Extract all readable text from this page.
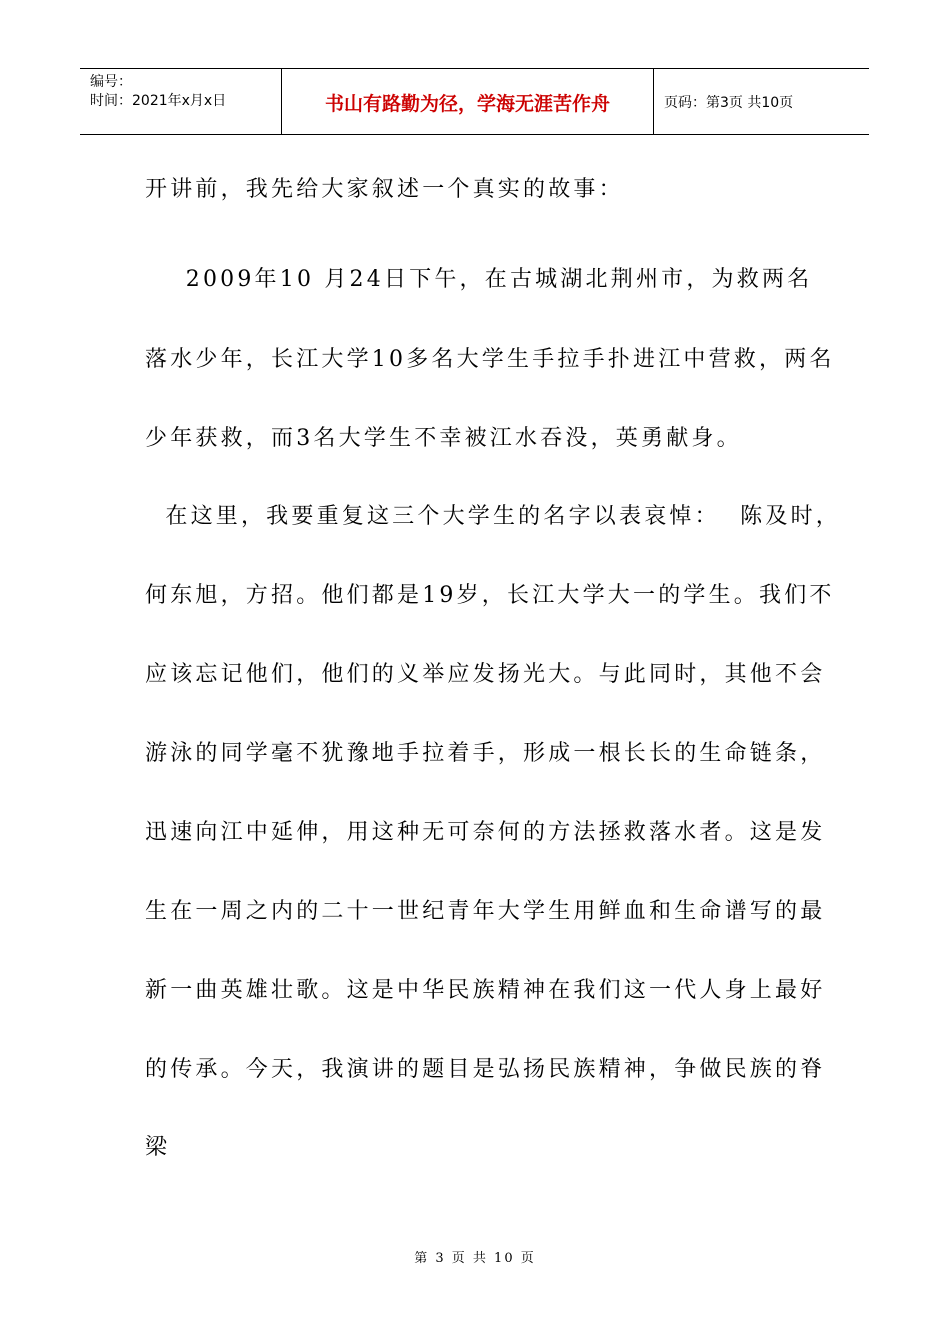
编号：
时间：2021年x月x日	书山有路勤为径，学海无涯苦作舟	页码：第3页 共10页
开讲前，我先给大家叙述一个真实的故事：
2009年10 月24日下午，在古城湖北荆州市，为救两名
落水少年，长江大学10多名大学生手拉手扑进江中营救，两名
少年获救，而3名大学生不幸被江水吞没，英勇献身。
在这里，我要重复这三个大学生的名字以表哀悼：  陈及时，
何东旭，方招。他们都是19岁，长江大学大一的学生。我们不
应该忘记他们，他们的义举应发扬光大。与此同时，其他不会
游泳的同学毫不犹豫地手拉着手，形成一根长长的生命链条，
迅速向江中延伸，用这种无可奈何的方法拯救落水者。这是发
生在一周之内的二十一世纪青年大学生用鲜血和生命谱写的最
新一曲英雄壮歌。这是中华民族精神在我们这一代人身上最好
的传承。今天，我演讲的题目是弘扬民族精神，争做民族的脊
梁
第 3 页 共 10 页
